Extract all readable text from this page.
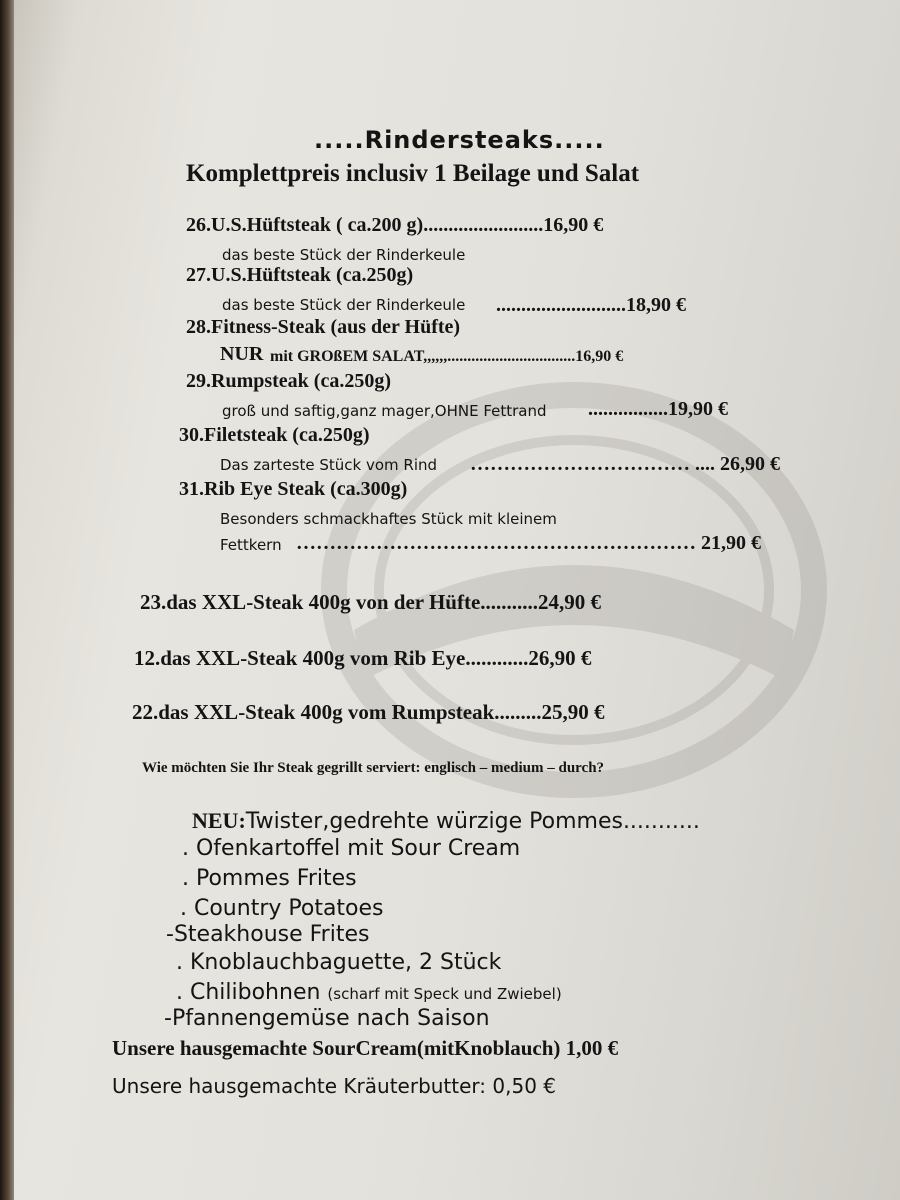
.....Rindersteaks.....
Komplettpreis inclusiv 1 Beilage und Salat
26.U.S.Hüftsteak ( ca.200 g)........................16,90 €
das beste Stück der Rinderkeule
27.U.S.Hüftsteak (ca.250g)
das beste Stück der Rinderkeule ..........................18,90 €
28.Fitness-Steak (aus der Hüfte)
NUR mit GROßEM SALAT,,,,,,................................16,90 €
29.Rumpsteak (ca.250g)
groß und saftig,ganz mager,OHNE Fettrand ................19,90 €
30.Filetsteak (ca.250g)
Das zarteste Stück vom Rind …………………………… .... 26,90 €
31.Rib Eye Steak (ca.300g)
Besonders schmackhaftes Stück mit kleinem
Fettkern …………………………………………………… 21,90 €
23.das XXL-Steak 400g von der Hüfte...........24,90 €
12.das XXL-Steak 400g vom Rib Eye............26,90 €
22.das XXL-Steak 400g vom Rumpsteak.........25,90 €
Wie möchten Sie Ihr Steak gegrillt serviert: englisch – medium – durch?
NEU:Twister,gedrehte würzige Pommes...........
. Ofenkartoffel mit Sour Cream
. Pommes Frites
. Country Potatoes
-Steakhouse Frites
. Knoblauchbaguette, 2 Stück
. Chilibohnen (scharf mit Speck und Zwiebel)
-Pfannengemüse nach Saison
Unsere hausgemachte SourCream(mitKnoblauch) 1,00 €
Unsere hausgemachte Kräuterbutter: 0,50 €
